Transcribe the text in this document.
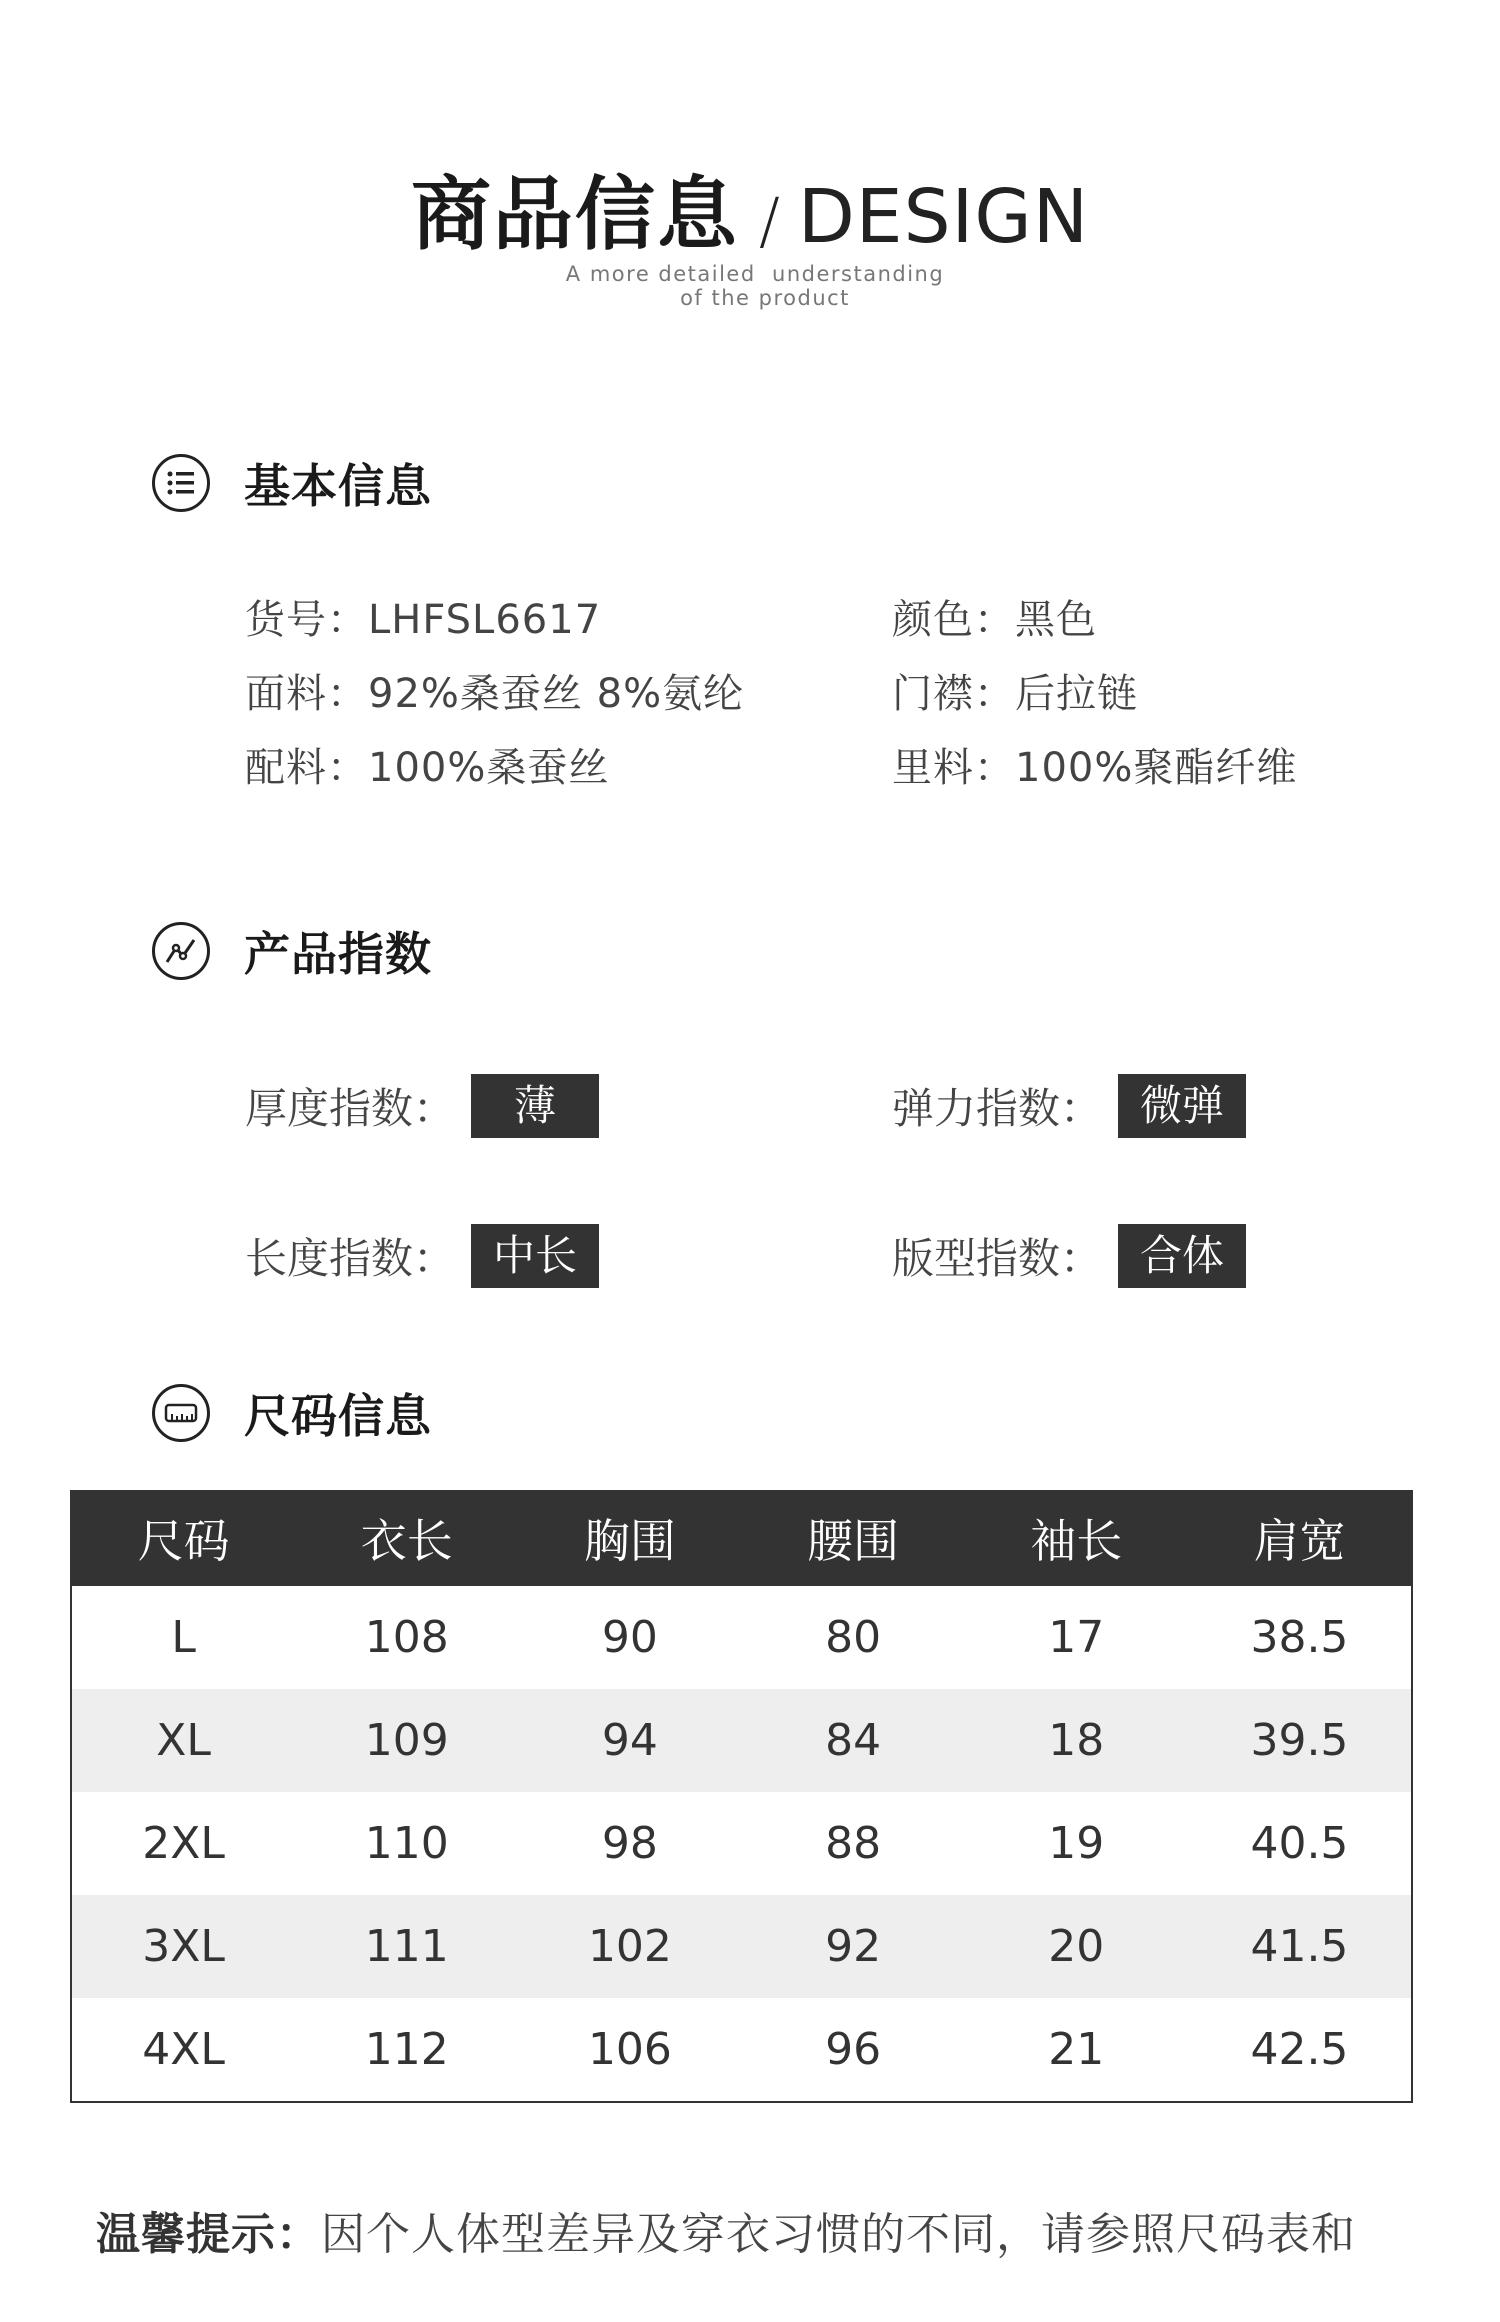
商品信息 / DESIGN
A more detailed  understanding
of the product
基本信息
货号：LHFSL6617	颜色：黑色
面料：92%桑蚕丝 8%氨纶	门襟：后拉链
配料：100%桑蚕丝	里料：100%聚酯纤维
产品指数
厚度指数：	薄	弹力指数： 微弹
长度指数： 中长	版型指数： 合体
尺码信息
尺码	衣长	胸围	腰围	袖长	肩宽
L	108	90	80	17	38.5
XL	109	94	84	18	39.5
2XL	110	98	88	19	40.5
3XL	111	102	92	20	41.5
4XL	112	106	96	21	42.5
温馨提示：因个人体型差异及穿衣习惯的不同，请参照尺码表和
